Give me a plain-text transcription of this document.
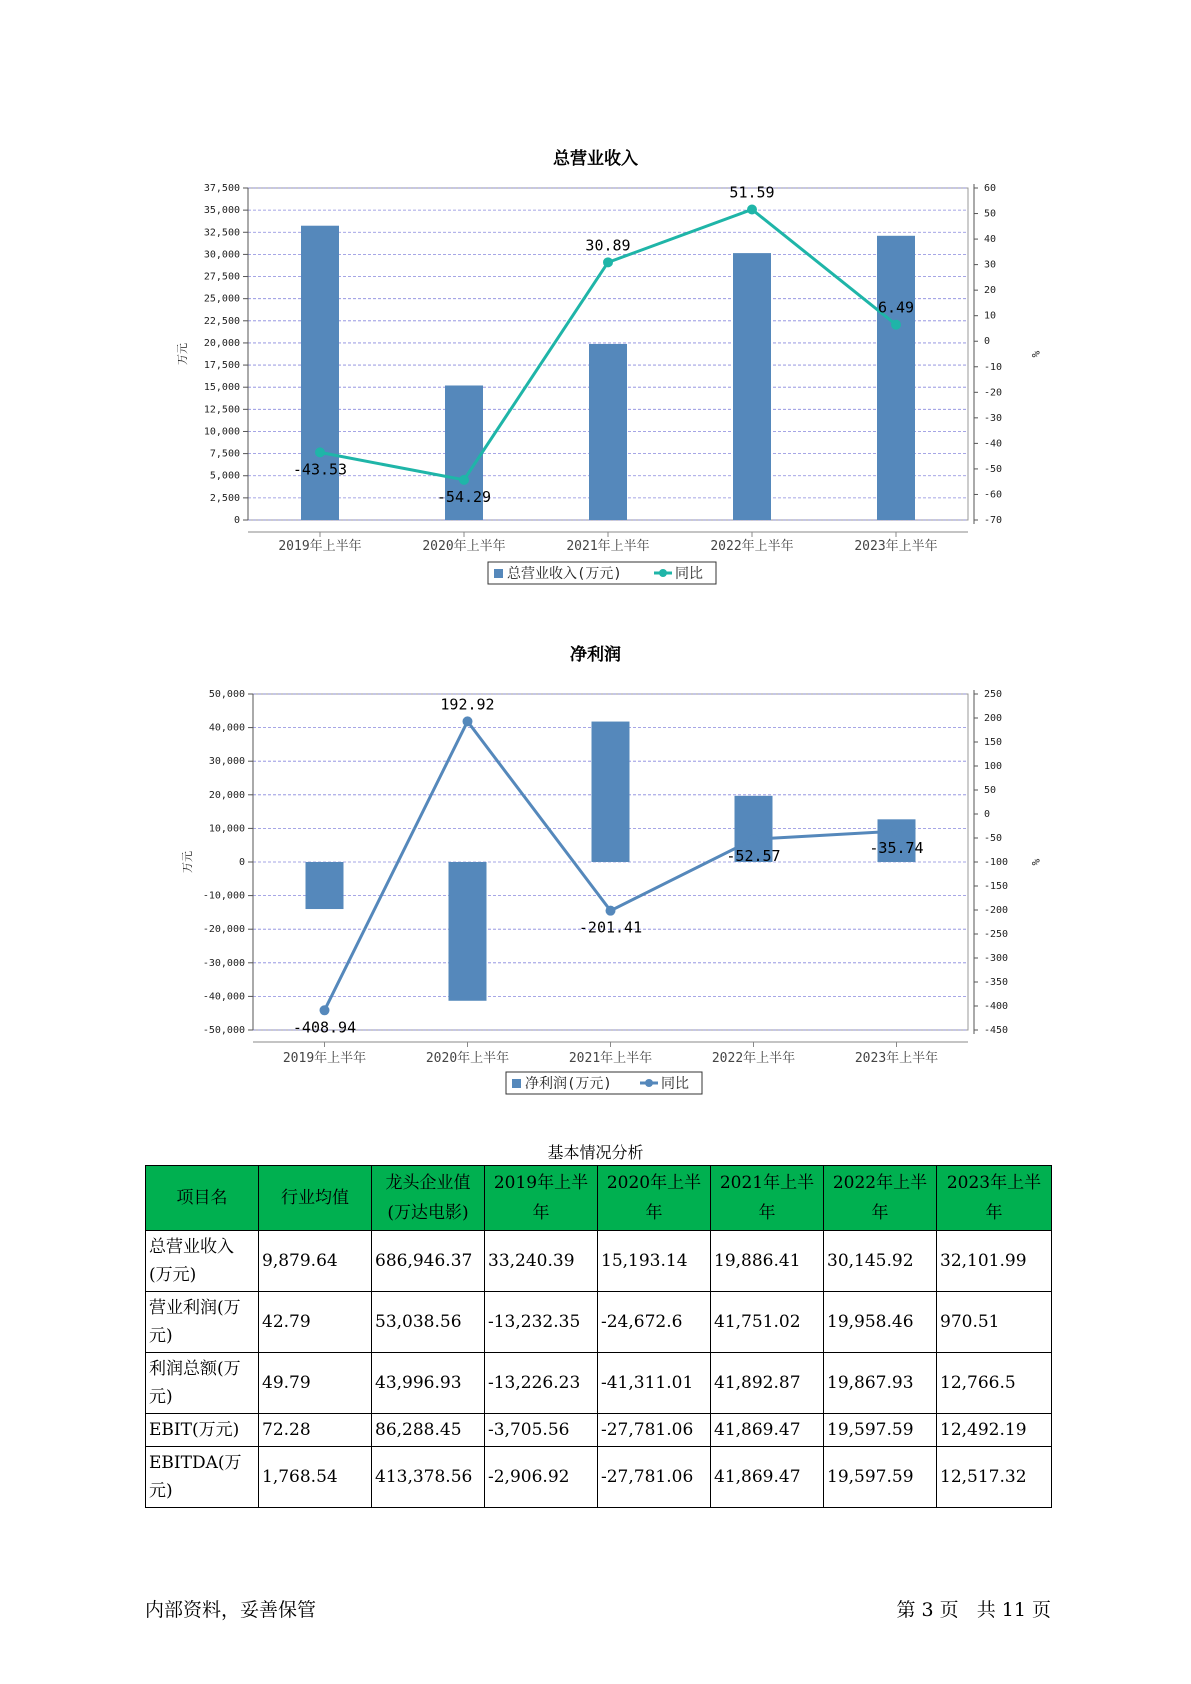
总营业收入
0
2,500
5,000
7,500
10,000
12,500
15,000
17,500
20,000
22,500
25,000
27,500
30,000
32,500
35,000
37,500
万元
-70
-60
-50
-40
-30
-20
-10
0
10
20
30
40
50
60
%
2019年上半年	2020年上半年	2021年上半年	2022年上半年	2023年上半年
-43.53
-54.29
30.89
51.59
6.49
总营业收入(万元)	同比
净利润
-50,000
-40,000
-30,000
-20,000
-10,000
0
10,000
20,000
30,000
40,000
50,000
万元
-450
-400
-350
-300
-250
-200
-150
-100
-50
0
50
100
150
200
250
%
2019年上半年	2020年上半年	2021年上半年	2022年上半年	2023年上半年
-408.94
192.92
-201.41
-52.57	-35.74
净利润(万元)	同比
基本情况分析
项目名	行业均值	龙头企业值(万达电影)	2019年上半年	2020年上半年	2021年上半年	2022年上半年	2023年上半年
总营业收入(万元)	9,879.64	686,946.37	33,240.39	15,193.14	19,886.41	30,145.92	32,101.99
营业利润(万元)	42.79	53,038.56	-13,232.35	-24,672.6	41,751.02	19,958.46	970.51
利润总额(万元)	49.79	43,996.93	-13,226.23	-41,311.01	41,892.87	19,867.93	12,766.5
EBIT(万元)	72.28	86,288.45	-3,705.56	-27,781.06	41,869.47	19,597.59	12,492.19
EBITDA(万元)	1,768.54	413,378.56	-2,906.92	-27,781.06	41,869.47	19,597.59	12,517.32
内部资料，妥善保管	第 3 页   共 11 页
